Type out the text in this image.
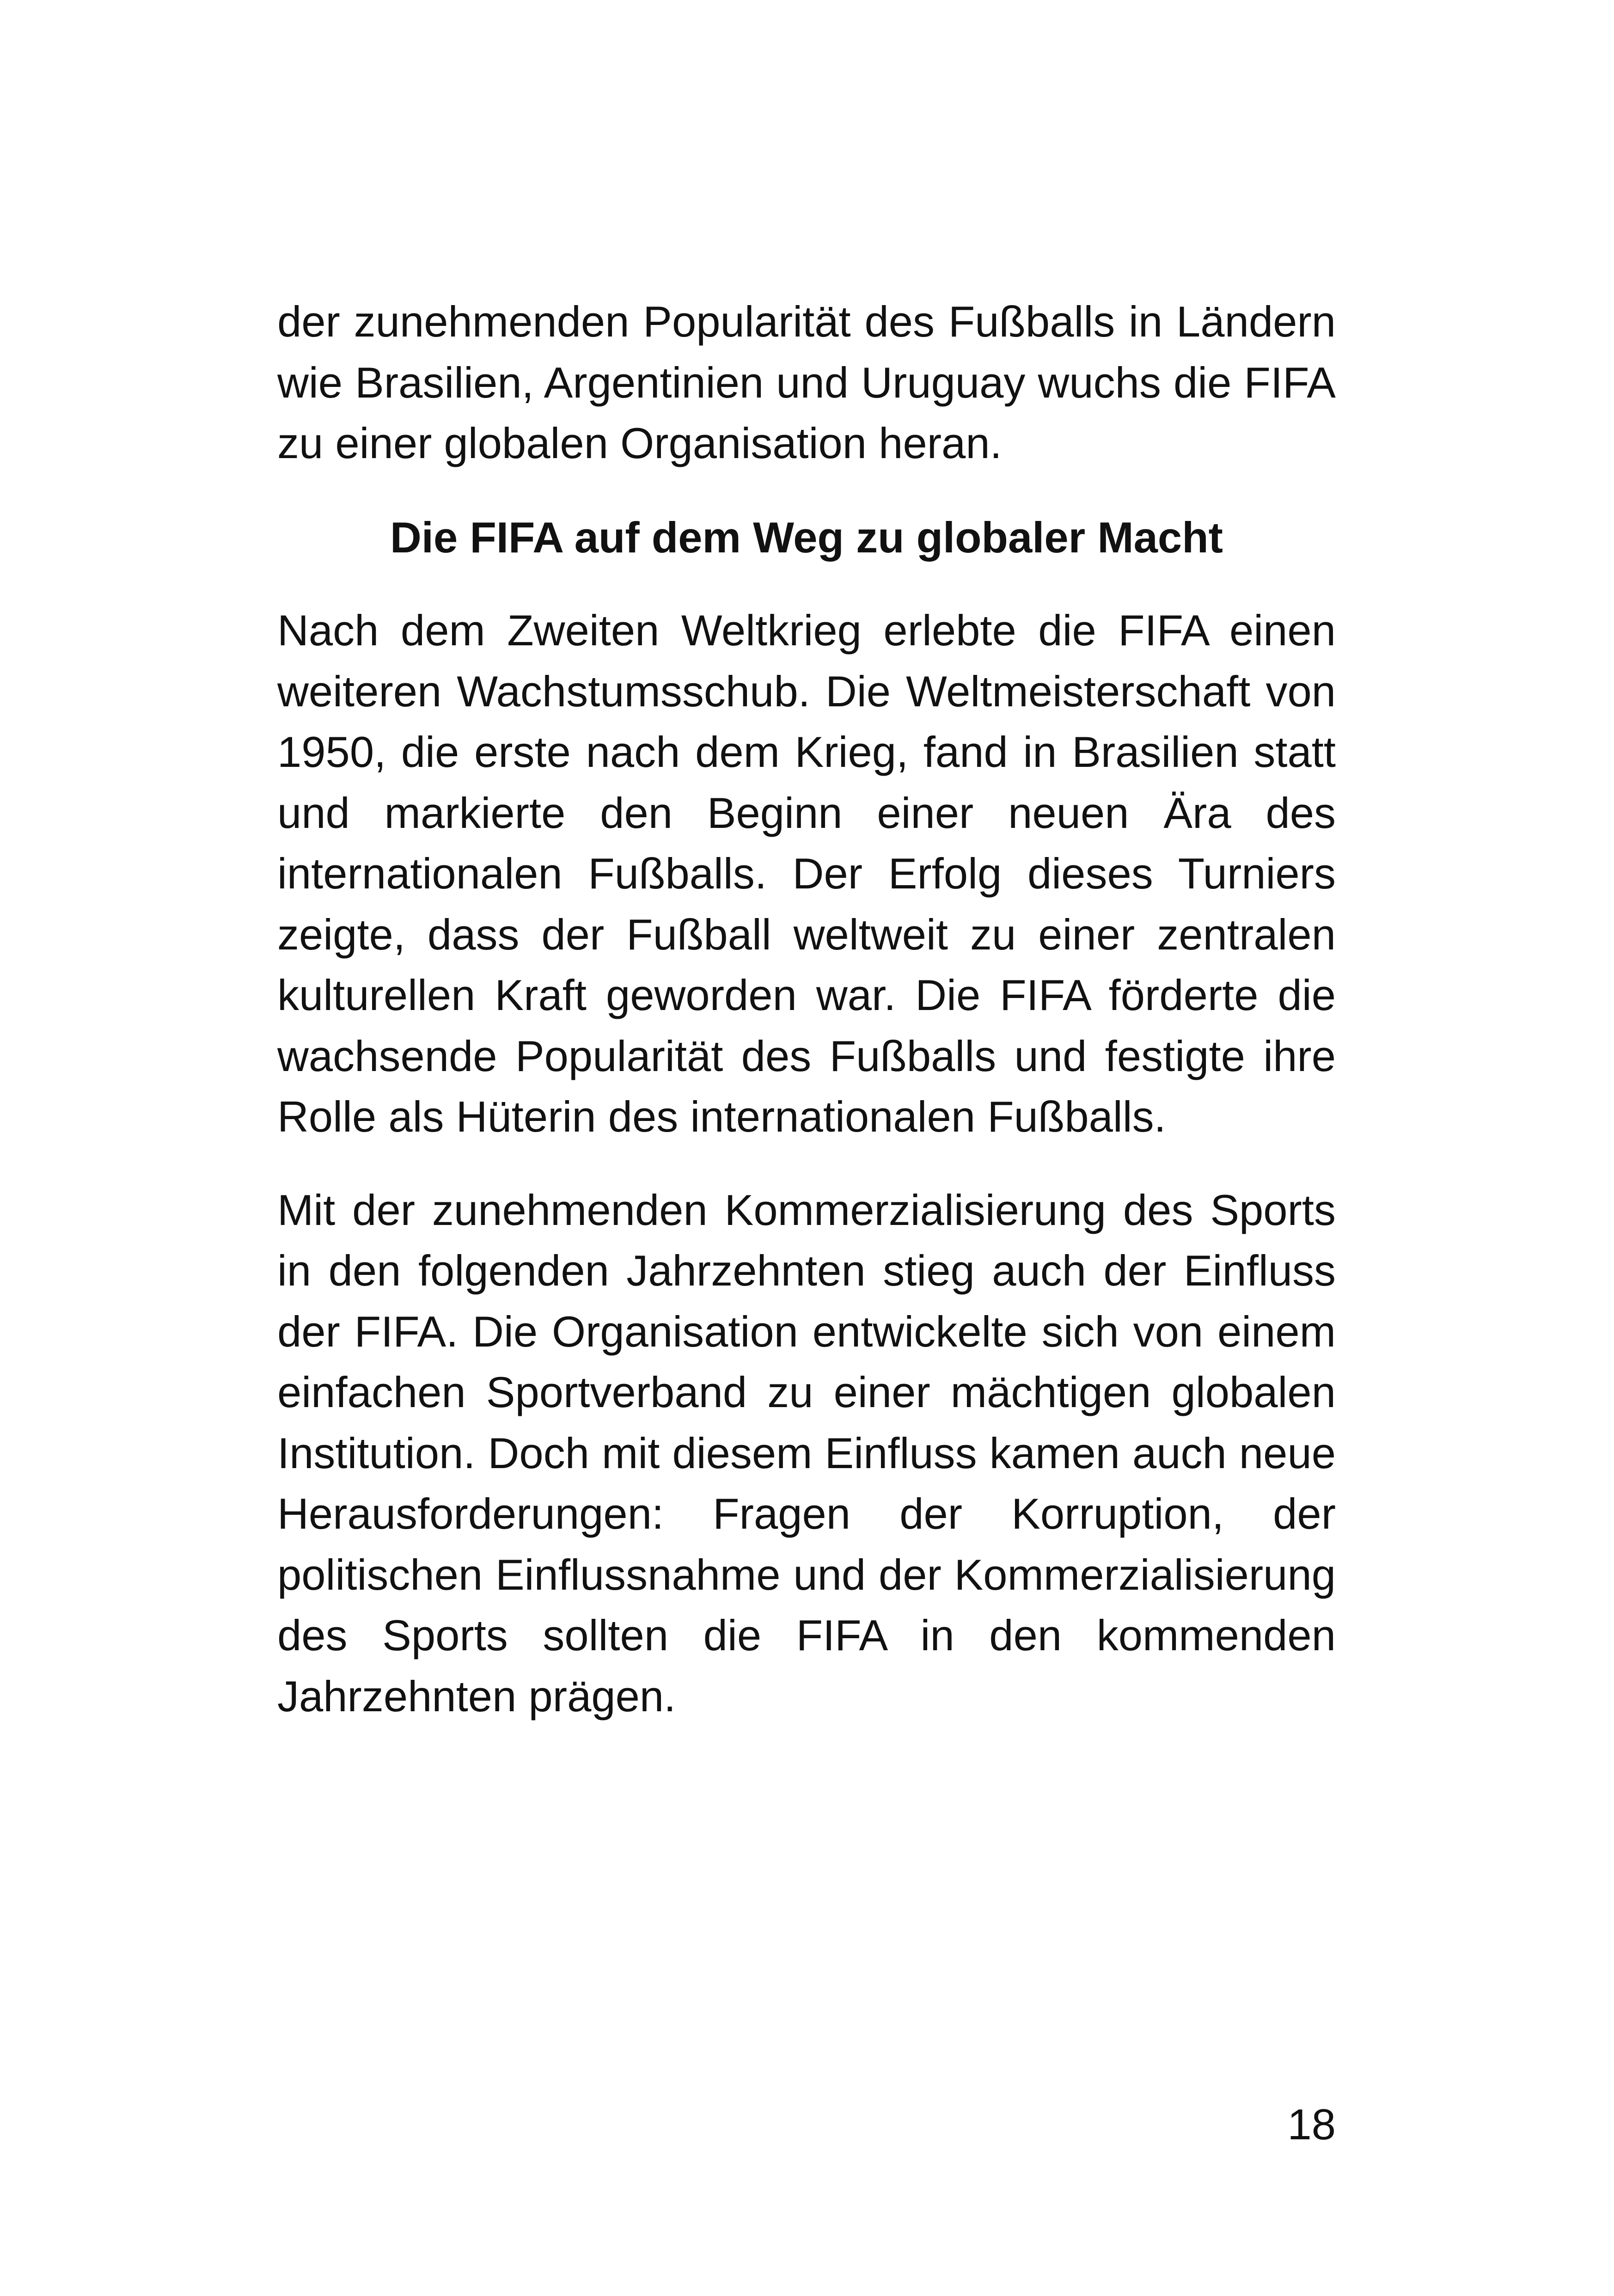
der zunehmenden Popularität des Fußballs in Ländern wie Brasilien, Argentinien und Uruguay wuchs die FIFA zu einer globalen Organisation heran.

Die FIFA auf dem Weg zu globaler Macht

Nach dem Zweiten Weltkrieg erlebte die FIFA einen weiteren Wachstumsschub. Die Weltmeisterschaft von 1950, die erste nach dem Krieg, fand in Brasilien statt und markierte den Beginn einer neuen Ära des internationalen Fußballs. Der Erfolg dieses Turniers zeigte, dass der Fußball weltweit zu einer zentralen kulturellen Kraft geworden war. Die FIFA förderte die wachsende Popularität des Fußballs und festigte ihre Rolle als Hüterin des internationalen Fußballs.

Mit der zunehmenden Kommerzialisierung des Sports in den folgenden Jahrzehnten stieg auch der Einfluss der FIFA. Die Organisation entwickelte sich von einem einfachen Sportverband zu einer mächtigen globalen Institution. Doch mit diesem Einfluss kamen auch neue Herausforderungen: Fragen der Korruption, der politischen Einflussnahme und der Kommerzialisierung des Sports sollten die FIFA in den kommenden Jahrzehnten prägen.

18
